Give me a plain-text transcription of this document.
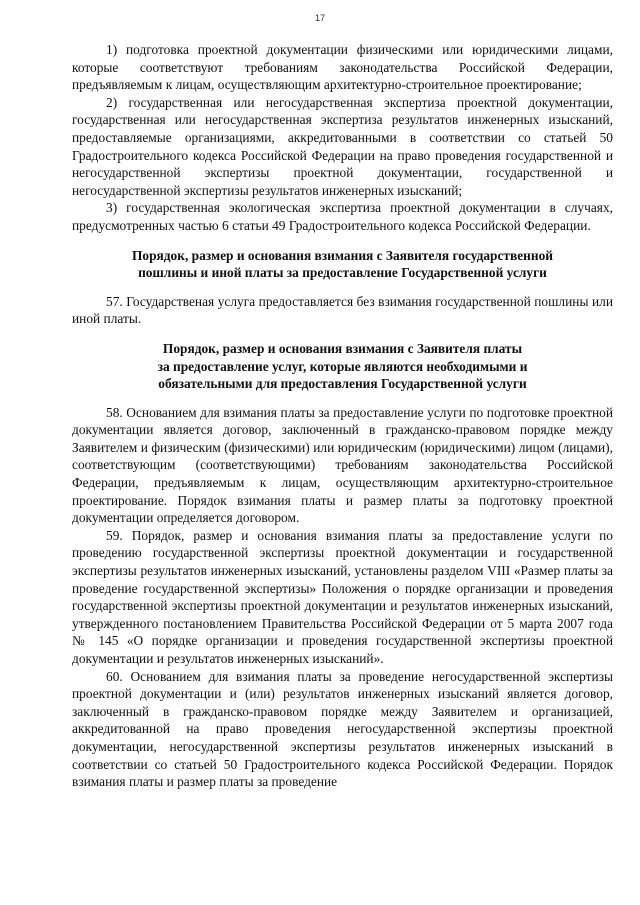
17

1) подготовка проектной документации физическими или юридическими лицами, которые соответствуют требованиям законодательства Российской Федерации, предъявляемым к лицам, осуществляющим архитектурно-строительное проектирование;

2) государственная или негосударственная экспертиза проектной документации, государственная или негосударственная экспертиза результатов инженерных изысканий, предоставляемые организациями, аккредитованными в соответствии со статьей 50 Градостроительного кодекса Российской Федерации на право проведения государственной и негосударственной экспертизы проектной документации, государственной и негосударственной экспертизы результатов инженерных изысканий;

3) государственная экологическая экспертиза проектной документации в случаях, предусмотренных частью 6 статьи 49 Градостроительного кодекса Российской Федерации.

Порядок, размер и основания взимания с Заявителя государственной
пошлины и иной платы за предоставление Государственной услуги

57. Государственая услуга предоставляется без взимания государственной пошлины или иной платы.

Порядок, размер и основания взимания с Заявителя платы
за предоставление услуг, которые являются необходимыми и
обязательными для предоставления Государственной услуги

58. Основанием для взимания платы за предоставление услуги по подготовке проектной документации является договор, заключенный в гражданско-правовом порядке между Заявителем и физическим (физическими) или юридическим (юридическими) лицом (лицами), соответствующим (соответствующими) требованиям законодательства Российской Федерации, предъявляемым к лицам, осуществляющим архитектурно-строительное проектирование. Порядок взимания платы и размер платы за подготовку проектной документации определяется договором.

59. Порядок, размер и основания взимания платы за предоставление услуги по проведению государственной экспертизы проектной документации и государственной экспертизы результатов инженерных изысканий, установлены разделом VIII «Размер платы за проведение государственной экспертизы» Положения о порядке организации и проведения государственной экспертизы проектной документации и результатов инженерных изысканий, утвержденного постановлением Правительства Российской Федерации от 5 марта 2007 года № 145 «О порядке организации и проведения государственной экспертизы проектной документации и результатов инженерных изысканий».

60. Основанием для взимания платы за проведение негосударственной экспертизы проектной документации и (или) результатов инженерных изысканий является договор, заключенный в гражданско-правовом порядке между Заявителем и организацией, аккредитованной на право проведения негосударственной экспертизы проектной документации, негосударственной экспертизы результатов инженерных изысканий в соответствии со статьей 50 Градостроительного кодекса Российской Федерации. Порядок взимания платы и размер платы за проведение
